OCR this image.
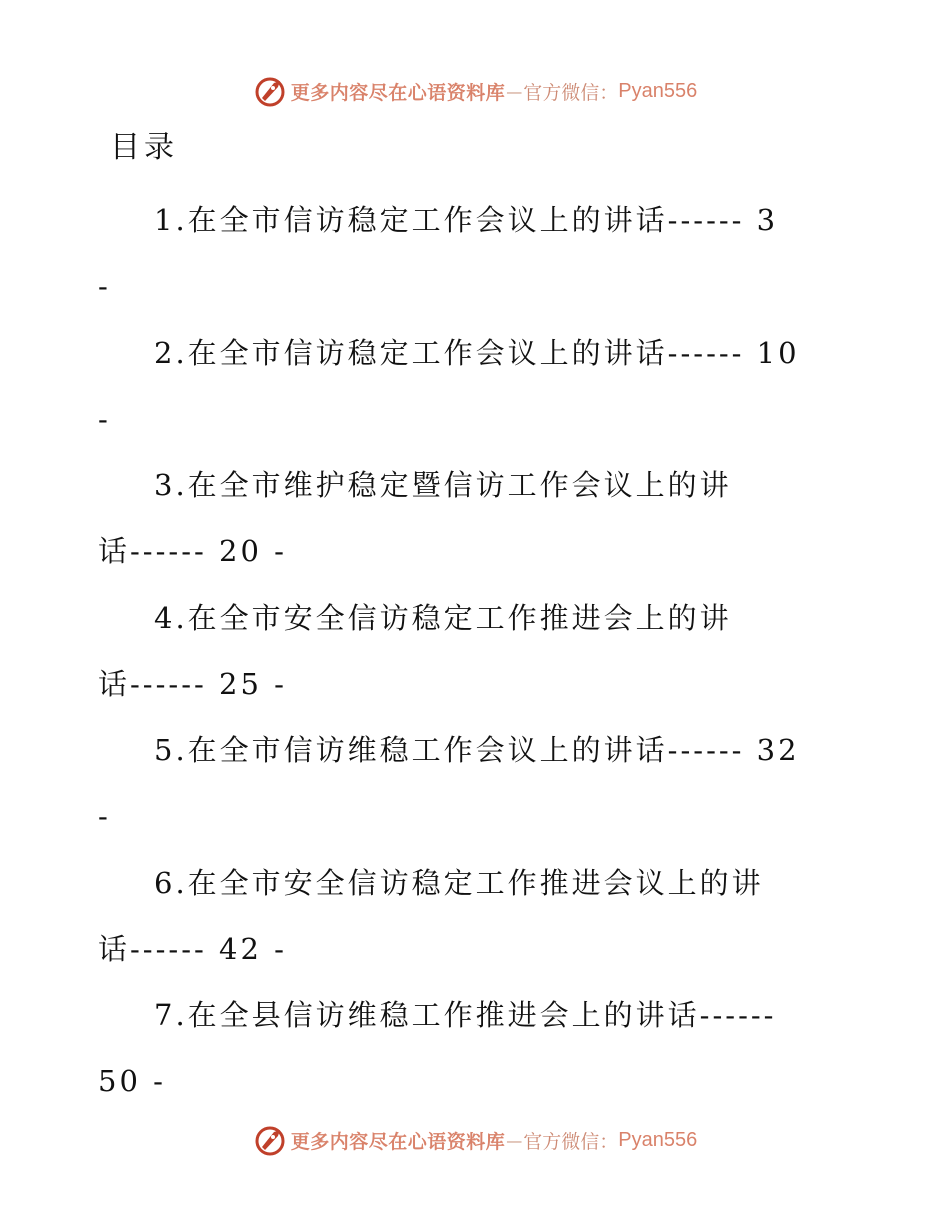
更多内容尽在心语资料库 — 官方微信： Pyan556
目录
1.在全市信访稳定工作会议上的讲话------ 3
-
2.在全市信访稳定工作会议上的讲话------ 10
-
3.在全市维护稳定暨信访工作会议上的讲
话------ 20 -
4.在全市安全信访稳定工作推进会上的讲
话------ 25 -
5.在全市信访维稳工作会议上的讲话------ 32
-
6.在全市安全信访稳定工作推进会议上的讲
话------ 42 -
7.在全县信访维稳工作推进会上的讲话------
50 -
更多内容尽在心语资料库 — 官方微信： Pyan556
